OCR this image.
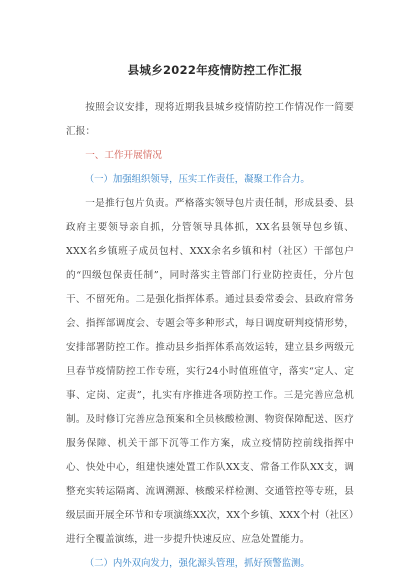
县城乡2022年疫情防控工作汇报

按照会议安排，现将近期我县城乡疫情防控工作情况作一简要汇报：

一、工作开展情况

（一）加强组织领导，压实工作责任，凝聚工作合力。

一是推行包片负责。严格落实领导包片责任制，形成县委、县政府主要领导亲自抓，分管领导具体抓，XX名县领导包乡镇、XXX名乡镇班子成员包村、XXX余名乡镇和村（社区）干部包户的“四级包保责任制”，同时落实主管部门行业防控责任，分片包干、不留死角。二是强化指挥体系。通过县委常委会、县政府常务会、指挥部调度会、专题会等多种形式，每日调度研判疫情形势，安排部署防控工作。推动县乡指挥体系高效运转，建立县乡两级元旦春节疫情防控工作专班，实行24小时值班值守，落实“定人、定事、定岗、定责”，扎实有序推进各项防控工作。三是完善应急机制。及时修订完善应急预案和全员核酸检测、物资保障配送、医疗服务保障、机关干部下沉等工作方案，成立疫情防控前线指挥中心、快处中心，组建快速处置工作队XX支、常备工作队XX支，调整充实转运隔离、流调溯源、核酸采样检测、交通管控等专班，县级层面开展全环节和专项演练XX次，XX个乡镇、XXX个村（社区）进行全覆盖演练，进一步提升快速反应、应急处置能力。

（二）内外双向发力，强化源头管理，抓好预警监测。
